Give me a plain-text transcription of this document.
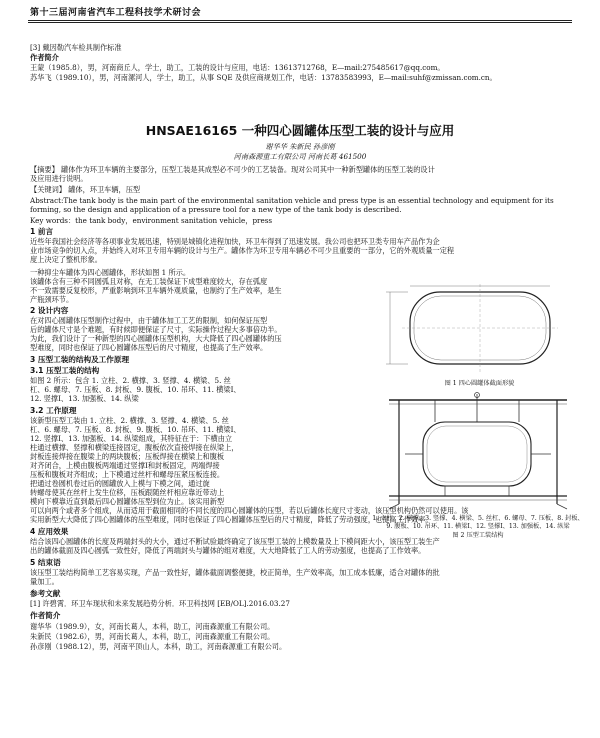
第十三届河南省汽车工程科技学术研讨会
[3] 戴因勒汽车检具制作标准
作者简介
王蒙（1985.8），男，河南商丘人，学士，助工，工装的设计与应用，电话：13613712768，E—mail:275485617@qq.com。
苏华飞（1989.10），男，河南漯河人，学士，助工，从事 SQE 及供应商规划工作，电话：13783583993，E—mail:suhf@zmissan.com.cn。
HNSAE16165 一种四心圆罐体压型工装的设计与应用
谢华华 朱新民 孙彦刚
河南森源重工有限公司 河南长葛 461500
【摘要】 罐体作为环卫车辆的主要部分，压型工装是其成型必不可少的工艺装备。现对公司其中一种新型罐体的压型工装的设计
及应用进行说明。
【关键词】 罐体，环卫车辆，压型
Abstract:The tank body is the main part of the environmental sanitation vehicle and press type is an essential technology and equipment for its
forming, so the design and application of a pressure tool for a new type of the tank body is described.
Key words：the tank body，environment sanitation vehicle，press
1 前言
近些年我国社会经济等各项事业发展迅速，特别是城镇化进程加快，环卫车得到了迅速发展。我公司也把环卫类专用车产品作为企
业市场竞争的切入点，并始终入对环卫专用车辆的设计与生产。罐体作为环卫专用车辆必不可少且重要的一部分，它的外观质量一定程
度上决定了整机形象。
一种抑尘车罐体为四心圆罐体，形状如图 1 所示。
该罐体含有三种不同圆弧且对称，在无工装保证下成型难度较大，存在弧度
不一致需要反复校形，严重影响到环卫车辆外观质量，也制约了生产效率，是生
产瓶颈环节。
2 设计内容
在对四心圆罐体压型制作过程中，由于罐体加工工艺的限制，如何保证压型
后的罐体尺寸是个难题，有时候即便保证了尺寸，实际操作过程大多事倍功半。
为此，我们设计了一种新型的四心圆罐体压型机构，大大降低了四心圆罐体的压
型难度，同时也保证了四心圆罐体压型后的尺寸精度，也提高了生产效率。
3 压型工装的结构及工作原理
3.1 压型工装的结构
如图 2 所示：包含 1. 立柱、2. 横撑、3. 竖撑、4. 横梁、5. 丝
杠、6. 螺母、7. 压板、8. 封板、9. 腹板、10. 吊环、11. 横梁Ⅰ、
12. 竖撑Ⅰ、13. 加强板、14. 纵梁
3.2 工作原理
该新型压型工装由 1. 立柱、2. 横撑、3. 竖撑、4. 横梁、5. 丝
杠、6. 螺母、7. 压板、8. 封板、9. 腹板、10. 吊环、11. 横梁Ⅰ、
12. 竖撑Ⅰ、13. 加强板、14. 纵梁组成，其特征在于：下横由立
柱通过横撑、竖撑和横梁连接固定，腹板依次直接焊接在纵梁上，
封板连接焊接在腹梁上的两块腹板；压板焊接在横梁上和腹板
对齐闭合，上模由腹板两端通过竖撑Ⅰ和封板固定，两端焊接
压板和腹板对齐组成；上下模通过丝杆和螺母压紧压板连接。
把通过卷圆机卷过后的圆罐放入上模与下模之间，通过旋
转螺母使其在丝杆上发生位移，压板跟随丝杆相应靠近带动上
模向下模靠近直到最后四心圆罐体压型到位为止。该实用新型
可以向两个或者多个组成，从而适用于截面相同的不同长度的四心圆罐体的压型，若以后罐体长度尺寸变动，该压型机构仍然可以使用。该
实用新型大大降低了四心圆罐体的压型难度，同时也保证了四心圆罐体压型后的尺寸精度，降低了劳动强度，也提高工作效率。
4 应用效果
结合该四心圆罐体的长度及两端封头的大小，通过不断试验最终确定了该压型工装的上模数量及上下模间距大小，该压型工装生产
出的罐体截面及四心圆弧一致性好，降低了两端封头与罐体的组对难度，大大地降低了工人的劳动强度，也提高了工作效率。
5 结束语
该压型工装结构简单工艺容易实现，产品一致性好，罐体截面调整便捷，校正简单，生产效率高，加工成本低廉，适合对罐体的批
量加工。
参考文献
[1] 许碧霄．环卫车现状和未来发展趋势分析．环卫科技网 [EB/OL].2016.03.27
作者简介
谢华华（1989.9），女，河南长葛人，本科，助工，河南森源重工有限公司。
朱新民（1982.6），男，河南长葛人，本科，助工，河南森源重工有限公司。
孙彦刚（1988.12），男，河南平顶山人，本科，助工，河南森源重工有限公司。
图 1 四心圆罐体截面形貌
1. 立柱、2. 横撑、3. 竖撑、4. 横梁、5. 丝杠、6. 螺母、7. 压板、8. 封板、
9. 腹板、10. 吊环、11. 横梁Ⅰ、12. 竖撑Ⅰ、13. 加强板、14. 纵梁
图 2 压型工装结构
